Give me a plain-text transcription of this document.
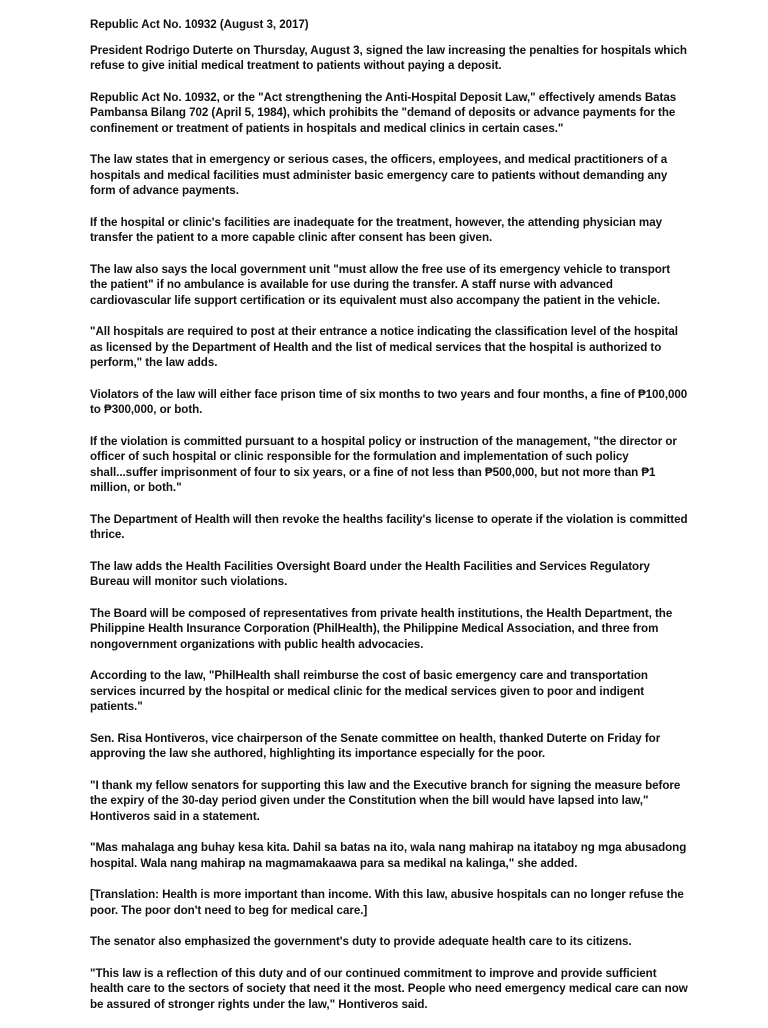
Republic Act No. 10932 (August 3, 2017)

President Rodrigo Duterte on Thursday, August 3, signed the law increasing the penalties for hospitals which refuse to give initial medical treatment to patients without paying a deposit.

Republic Act No. 10932, or the "Act strengthening the Anti-Hospital Deposit Law," effectively amends Batas Pambansa Bilang 702 (April 5, 1984), which prohibits the "demand of deposits or advance payments for the confinement or treatment of patients in hospitals and medical clinics in certain cases."

The law states that in emergency or serious cases, the officers, employees, and medical practitioners of a hospitals and medical facilities must administer basic emergency care to patients without demanding any form of advance payments.

If the hospital or clinic's facilities are inadequate for the treatment, however, the attending physician may transfer the patient to a more capable clinic after consent has been given.

The law also says the local government unit "must allow the free use of its emergency vehicle to transport the patient" if no ambulance is available for use during the transfer. A staff nurse with advanced cardiovascular life support certification or its equivalent must also accompany the patient in the vehicle.

"All hospitals are required to post at their entrance a notice indicating the classification level of the hospital as licensed by the Department of Health and the list of medical services that the hospital is authorized to perform," the law adds.

Violators of the law will either face prison time of six months to two years and four months, a fine of ₱100,000 to ₱300,000, or both.

If the violation is committed pursuant to a hospital policy or instruction of the management, "the director or officer of such hospital or clinic responsible for the formulation and implementation of such policy shall...suffer imprisonment of four to six years, or a fine of not less than ₱500,000, but not more than ₱1 million, or both."

The Department of Health will then revoke the healths facility's license to operate if the violation is committed thrice.

The law adds the Health Facilities Oversight Board under the Health Facilities and Services Regulatory Bureau will monitor such violations.

The Board will be composed of representatives from private health institutions, the Health Department, the Philippine Health Insurance Corporation (PhilHealth), the Philippine Medical Association, and three from nongovernment organizations with public health advocacies.

According to the law, "PhilHealth shall reimburse the cost of basic emergency care and transportation services incurred by the hospital or medical clinic for the medical services given to poor and indigent patients."

Sen. Risa Hontiveros, vice chairperson of the Senate committee on health, thanked Duterte on Friday for approving the law she authored, highlighting its importance especially for the poor.

"I thank my fellow senators for supporting this law and the Executive branch for signing the measure before the expiry of the 30-day period given under the Constitution when the bill would have lapsed into law," Hontiveros said in a statement.

"Mas mahalaga ang buhay kesa kita. Dahil sa batas na ito, wala nang mahirap na itataboy ng mga abusadong hospital. Wala nang mahirap na magmamakaawa para sa medikal na kalinga," she added.

[Translation: Health is more important than income. With this law, abusive hospitals can no longer refuse the poor. The poor don't need to beg for medical care.]

The senator also emphasized the government's duty to provide adequate health care to its citizens.

"This law is a reflection of this duty and of our continued commitment to improve and provide sufficient health care to the sectors of society that need it the most. People who need emergency medical care can now be assured of stronger rights under the law," Hontiveros said.
